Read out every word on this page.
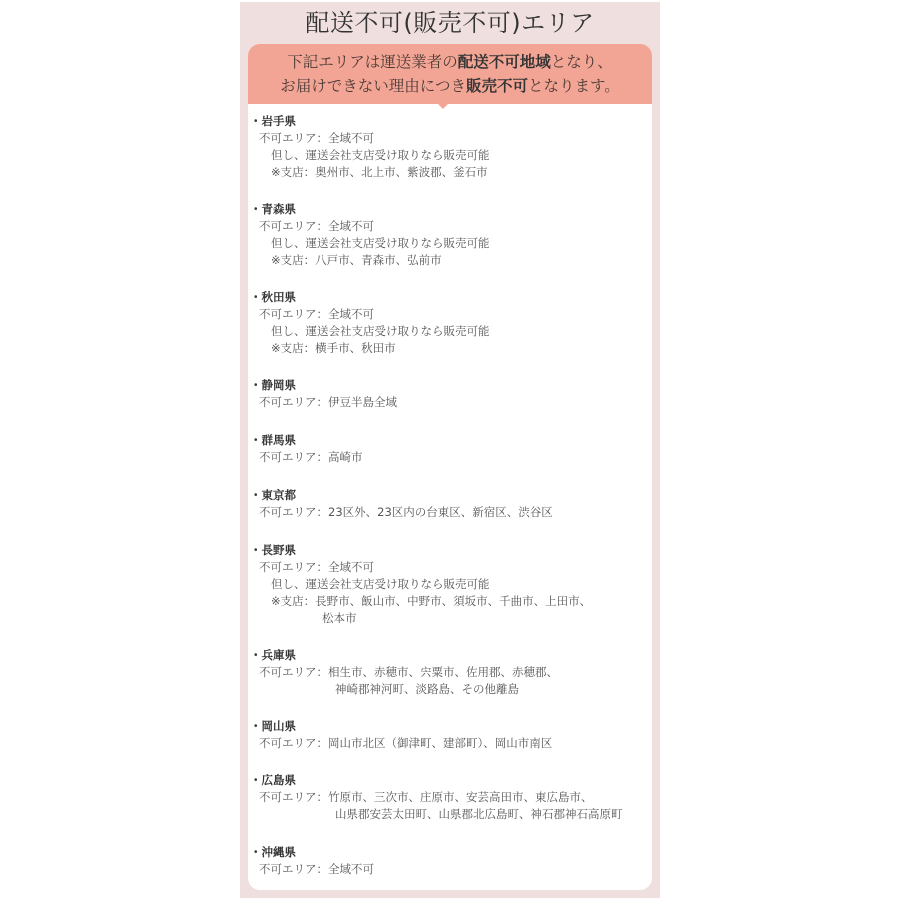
配送不可(販売不可)エリア
下記エリアは運送業者の配送不可地域となり、
お届けできない理由につき販売不可となります。
・岩手県
不可エリア：全域不可
但し、運送会社支店受け取りなら販売可能
※支店：奥州市、北上市、紫波郡、釜石市
・青森県
不可エリア：全域不可
但し、運送会社支店受け取りなら販売可能
※支店：八戸市、青森市、弘前市
・秋田県
不可エリア：全域不可
但し、運送会社支店受け取りなら販売可能
※支店：横手市、秋田市
・静岡県
不可エリア：伊豆半島全域
・群馬県
不可エリア：高崎市
・東京都
不可エリア：23区外、23区内の台東区、新宿区、渋谷区
・長野県
不可エリア：全域不可
但し、運送会社支店受け取りなら販売可能
※支店：長野市、飯山市、中野市、須坂市、千曲市、上田市、
松本市
・兵庫県
不可エリア：相生市、赤穂市、宍粟市、佐用郡、赤穂郡、
神崎郡神河町、淡路島、その他離島
・岡山県
不可エリア：岡山市北区（御津町、建部町）、岡山市南区
・広島県
不可エリア：竹原市、三次市、庄原市、安芸高田市、東広島市、
山県郡安芸太田町、山県郡北広島町、神石郡神石高原町
・沖縄県
不可エリア：全域不可
